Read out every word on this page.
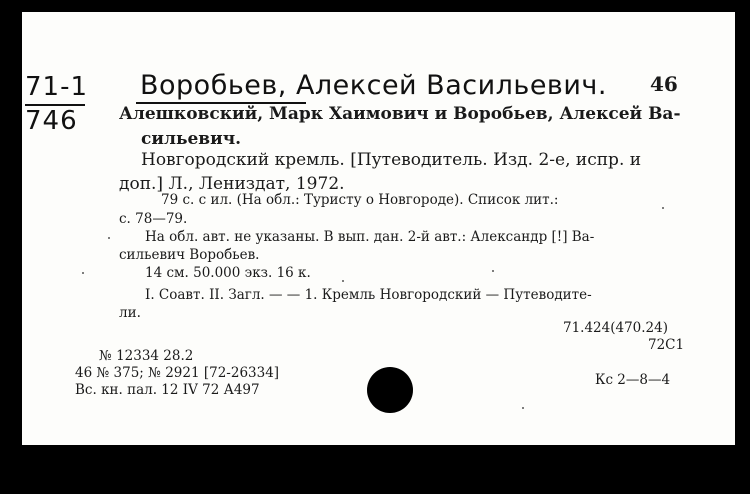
71-1
746
Воробьев, Алексей Васильевич. 46
Алешковский, Марк Хаимович и Воробьев, Алексей Ва-
сильевич.
Новгородский кремль. [Путеводитель. Изд. 2-е, испр. и
доп.] Л., Лениздат, 1972.
79 с. с ил. (На обл.: Туристу о Новгороде). Список лит.:
с. 78—79.
На обл. авт. не указаны. В вып. дан. 2-й авт.: Александр [!] Ва-
сильевич Воробьев.
14 см. 50.000 экз. 16 к.
I. Соавт. II. Загл. — — 1. Кремль Новгородский — Путеводите-
ли.
71.424(470.24)
72C1
№ 12334 28.2
46 № 375; № 2921 [72-26334]
Вс. кн. пал. 12 IV 72 А497
Кс 2—8—4
